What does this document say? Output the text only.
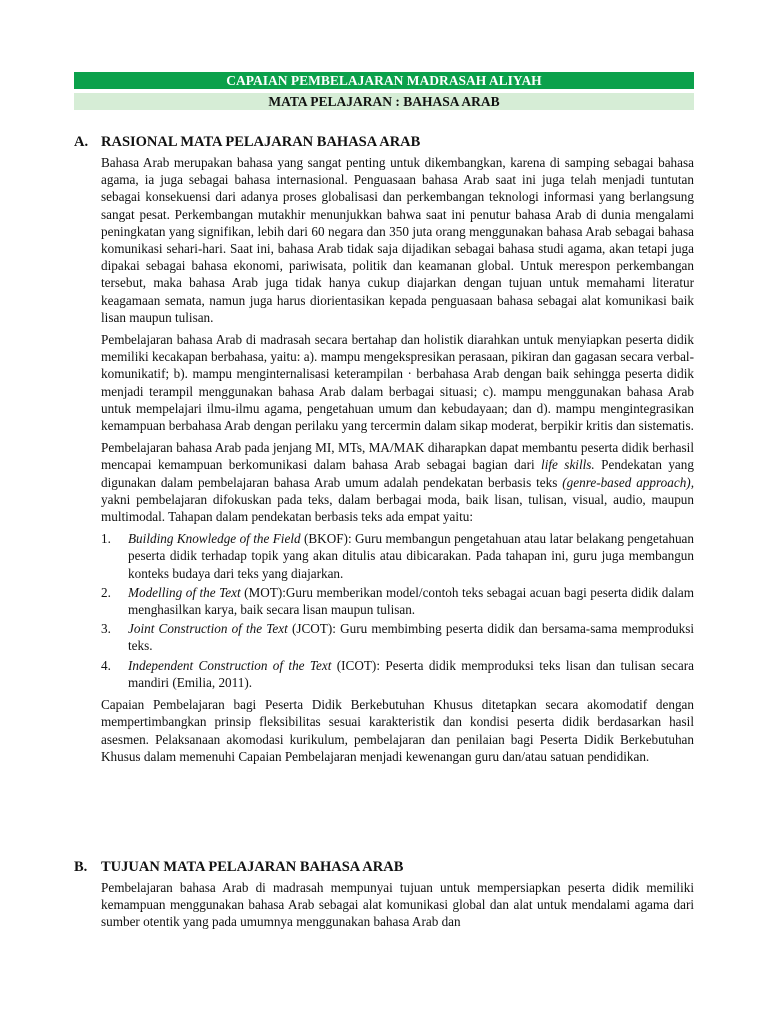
CAPAIAN PEMBELAJARAN MADRASAH ALIYAH
MATA PELAJARAN : BAHASA ARAB
A. RASIONAL MATA PELAJARAN BAHASA ARAB

Bahasa Arab merupakan bahasa yang sangat penting untuk dikembangkan, karena di samping sebagai bahasa agama, ia juga sebagai bahasa internasional. Penguasaan bahasa Arab saat ini juga telah menjadi tuntutan sebagai konsekuensi dari adanya proses globalisasi dan perkembangan teknologi informasi yang berlangsung sangat pesat. Perkembangan mutakhir menunjukkan bahwa saat ini penutur bahasa Arab di dunia mengalami peningkatan yang signifikan, lebih dari 60 negara dan 350 juta orang menggunakan bahasa Arab sebagai bahasa komunikasi sehari-hari. Saat ini, bahasa Arab tidak saja dijadikan sebagai bahasa studi agama, akan tetapi juga dipakai sebagai bahasa ekonomi, pariwisata, politik dan keamanan global. Untuk merespon perkembangan tersebut, maka bahasa Arab juga tidak hanya cukup diajarkan dengan tujuan untuk memahami literatur keagamaan semata, namun juga harus diorientasikan kepada penguasaan bahasa sebagai alat komunikasi baik lisan maupun tulisan.

Pembelajaran bahasa Arab di madrasah secara bertahap dan holistik diarahkan untuk menyiapkan peserta didik memiliki kecakapan berbahasa, yaitu: a). mampu mengekspresikan perasaan, pikiran dan gagasan secara verbal-komunikatif; b). mampu menginternalisasi keterampilan · berbahasa Arab dengan baik sehingga peserta didik menjadi terampil menggunakan bahasa Arab dalam berbagai situasi; c). mampu menggunakan bahasa Arab untuk mempelajari ilmu-ilmu agama, pengetahuan umum dan kebudayaan; dan d). mampu mengintegrasikan kemampuan berbahasa Arab dengan perilaku yang tercermin dalam sikap moderat, berpikir kritis dan sistematis.

Pembelajaran bahasa Arab pada jenjang MI, MTs, MA/MAK diharapkan dapat membantu peserta didik berhasil mencapai kemampuan berkomunikasi dalam bahasa Arab sebagai bagian dari life skills. Pendekatan yang digunakan dalam pembelajaran bahasa Arab umum adalah pendekatan berbasis teks (genre-based approach), yakni pembelajaran difokuskan pada teks, dalam berbagai moda, baik lisan, tulisan, visual, audio, maupun multimodal. Tahapan dalam pendekatan berbasis teks ada empat yaitu:

1.	Building Knowledge of the Field (BKOF): Guru membangun pengetahuan atau latar belakang pengetahuan peserta didik terhadap topik yang akan ditulis atau dibicarakan. Pada tahapan ini, guru juga membangun konteks budaya dari teks yang diajarkan.
2.	Modelling of the Text (MOT):Guru memberikan model/contoh teks sebagai acuan bagi peserta didik dalam menghasilkan karya, baik secara lisan maupun tulisan.
3.	Joint Construction of the Text (JCOT): Guru membimbing peserta didik dan bersama-sama memproduksi teks.
4.	Independent Construction of the Text (ICOT): Peserta didik memproduksi teks lisan dan tulisan secara mandiri (Emilia, 2011).

Capaian Pembelajaran bagi Peserta Didik Berkebutuhan Khusus ditetapkan secara akomodatif dengan mempertimbangkan prinsip fleksibilitas sesuai karakteristik dan kondisi peserta didik berdasarkan hasil asesmen. Pelaksanaan akomodasi kurikulum, pembelajaran dan penilaian bagi Peserta Didik Berkebutuhan Khusus dalam memenuhi Capaian Pembelajaran menjadi kewenangan guru dan/atau satuan pendidikan.

B. TUJUAN MATA PELAJARAN BAHASA ARAB

Pembelajaran bahasa Arab di madrasah mempunyai tujuan untuk mempersiapkan peserta didik memiliki kemampuan menggunakan bahasa Arab sebagai alat komunikasi global dan alat untuk mendalami agama dari sumber otentik yang pada umumnya menggunakan bahasa Arab dan
